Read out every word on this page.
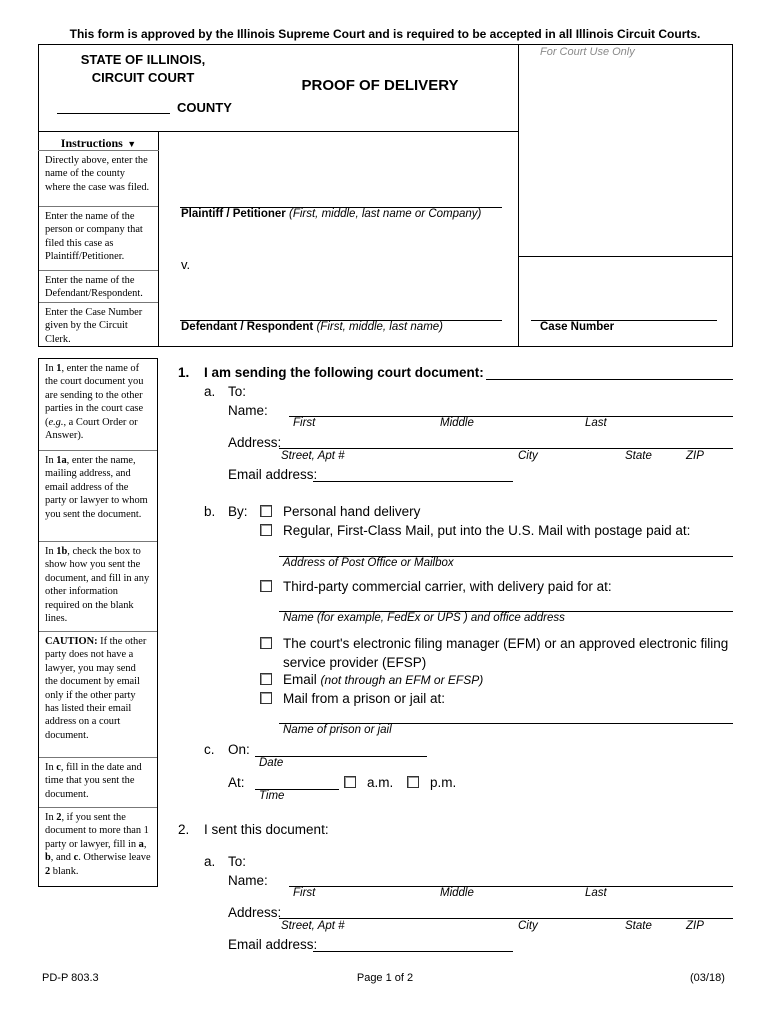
This form is approved by the Illinois Supreme Court and is required to be accepted in all Illinois Circuit Courts.
STATE OF ILLINOIS,
CIRCUIT COURT
COUNTY
PROOF OF DELIVERY
For Court Use Only
Plaintiff / Petitioner (First, middle, last name or Company)
v.
Defendant / Respondent (First, middle, last name)	Case Number
Instructions ▼
Directly above, enter the name of the county where the case was filed.
Enter the name of the person or company that filed this case as Plaintiff/Petitioner.
Enter the name of the Defendant/Respondent.
Enter the Case Number given by the Circuit Clerk.
In 1, enter the name of the court document you are sending to the other parties in the court case (e.g., a Court Order or Answer).
In 1a, enter the name, mailing address, and email address of the party or lawyer to whom you sent the document.
In 1b, check the box to show how you sent the document, and fill in any other information required on the blank lines.
CAUTION: If the other party does not have a lawyer, you may send the document by email only if the other party has listed their email address on a court document.
In c, fill in the date and time that you sent the document.
In 2, if you sent the document to more than 1 party or lawyer, fill in a, b, and c. Otherwise leave 2 blank.
1. I am sending the following court document:
a. To:
Name:
First	Middle	Last
Address:
Street, Apt #	City	State	ZIP
Email address:
b. By:	Personal hand delivery
Regular, First-Class Mail, put into the U.S. Mail with postage paid at:
Address of Post Office or Mailbox
Third-party commercial carrier, with delivery paid for at:
Name (for example, FedEx or UPS ) and office address
The court's electronic filing manager (EFM) or an approved electronic filing
service provider (EFSP)
Email (not through an EFM or EFSP)
Mail from a prison or jail at:
Name of prison or jail
c. On:
Date
At:
Time
a.m.	p.m.
2. I sent this document:
a. To:
Name:
First	Middle	Last
Address:
Street, Apt #	City	State	ZIP
Email address:
PD-P 803.3	Page 1 of 2	(03/18)
